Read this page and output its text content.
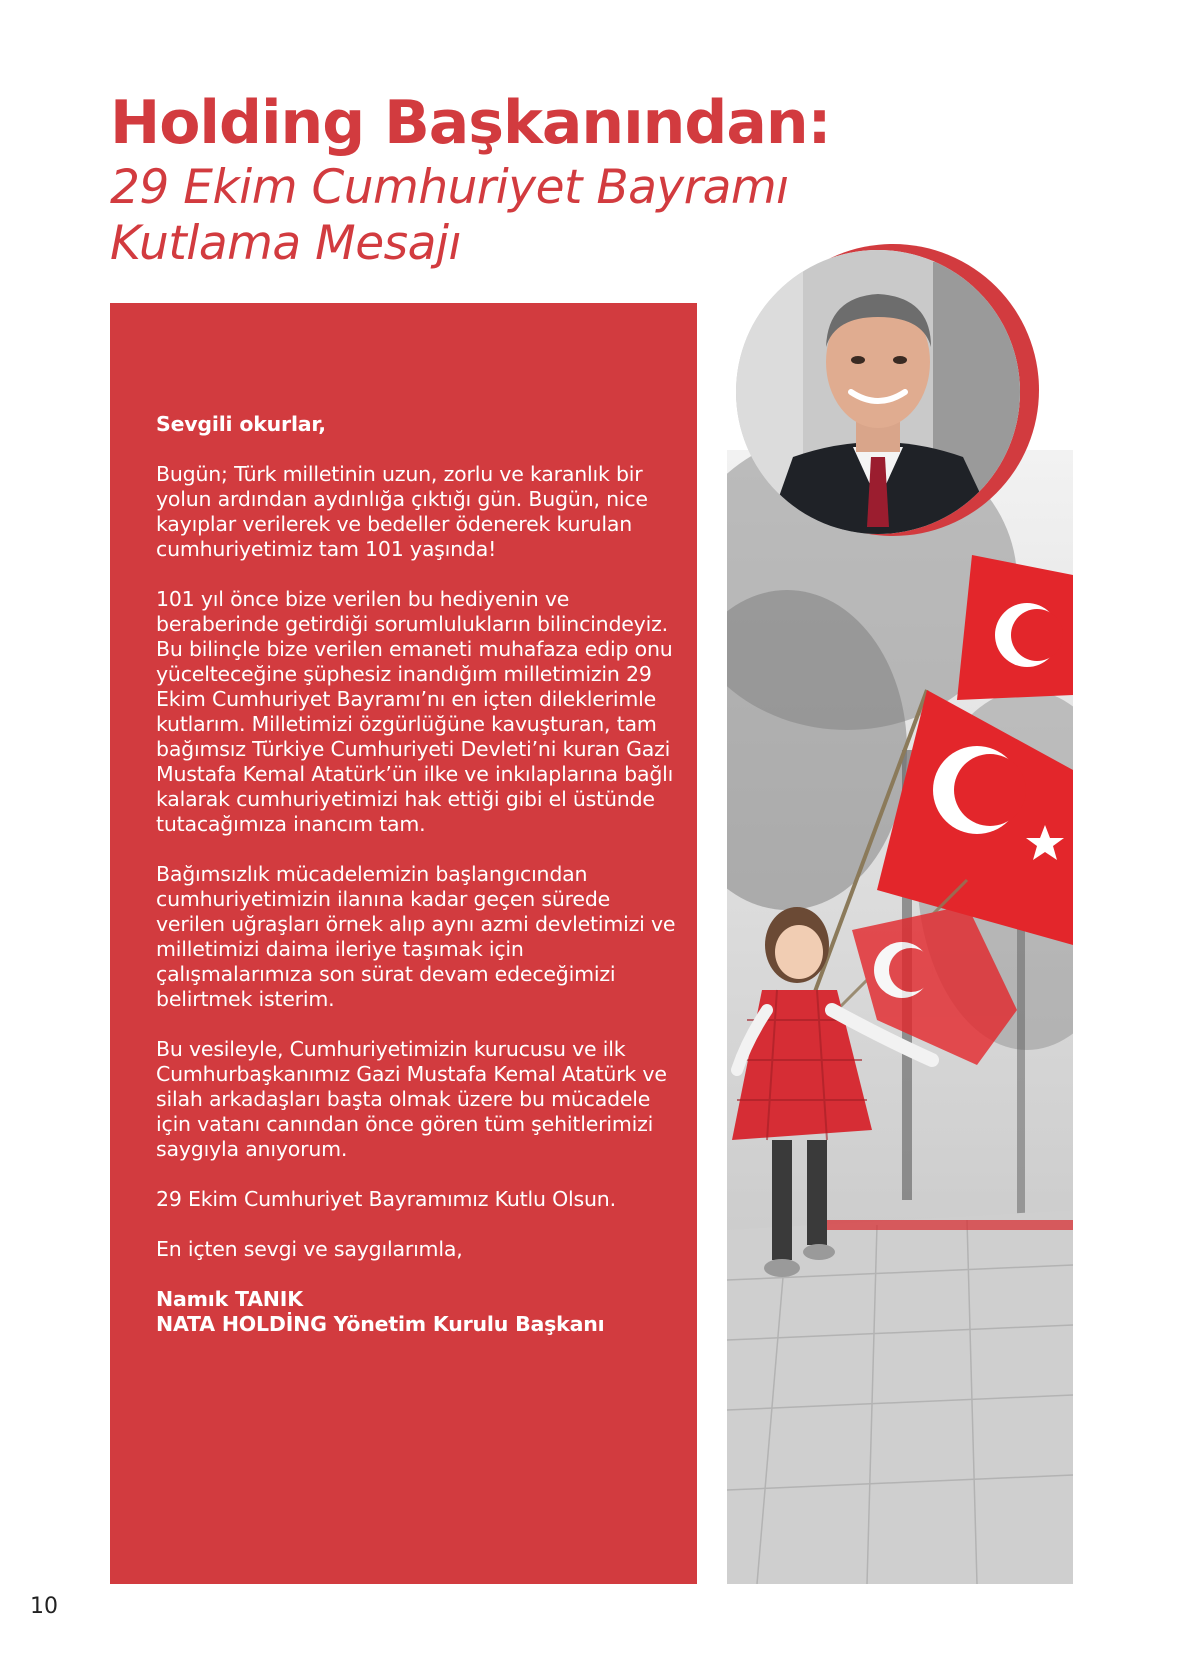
Holding Başkanından:
29 Ekim Cumhuriyet Bayramı
Kutlama Mesajı

Sevgili okurlar,

Bugün; Türk milletinin uzun, zorlu ve karanlık bir yolun ardından aydınlığa çıktığı gün. Bugün, nice kayıplar verilerek ve bedeller ödenerek kurulan cumhuriyetimiz tam 101 yaşında!

101 yıl önce bize verilen bu hediyenin ve beraberinde getirdiği sorumlulukların bilincindeyiz. Bu bilinçle bize verilen emaneti muhafaza edip onu yücelteceğine şüphesiz inandığım milletimizin 29 Ekim Cumhuriyet Bayramı’nı en içten dileklerimle kutlarım. Milletimizi özgürlüğüne kavuşturan, tam bağımsız Türkiye Cumhuriyeti Devleti’ni kuran Gazi Mustafa Kemal Atatürk’ün ilke ve inkılaplarına bağlı kalarak cumhuriyetimizi hak ettiği gibi el üstünde tutacağımıza inancım tam.

Bağımsızlık mücadelemizin başlangıcından cumhuriyetimizin ilanına kadar geçen sürede verilen uğraşları örnek alıp aynı azmi devletimizi ve milletimizi daima ileriye taşımak için çalışmalarımıza son sürat devam edeceğimizi belirtmek isterim.

Bu vesileyle, Cumhuriyetimizin kurucusu ve ilk Cumhurbaşkanımız Gazi Mustafa Kemal Atatürk ve silah arkadaşları başta olmak üzere bu mücadele için vatanı canından önce gören tüm şehitlerimizi saygıyla anıyorum.

29 Ekim Cumhuriyet Bayramımız Kutlu Olsun.

En içten sevgi ve saygılarımla,

Namık TANIK

NATA HOLDİNG Yönetim Kurulu Başkanı

10
